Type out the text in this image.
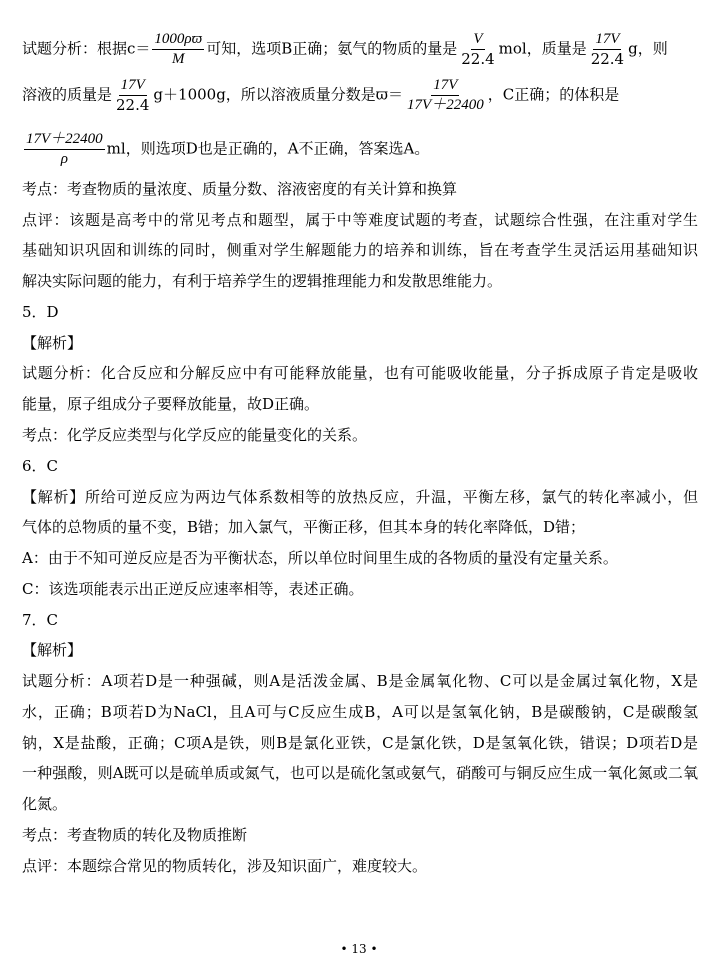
试题分析：根据$c= \frac{1000\rho ϖ}{M}$ 可知，选项B正确；氨气的物质的量是 $\frac{V}{22.4}$ mol，质量是 $\frac{17V}{22.4}$ g，则
溶液的质量是 $\frac{17V}{22.4} g+1000g$，所以溶液质量分数是$ϖ= \frac{17V}{17V+22400}$ ，C正确；的体积是
$\frac{17V+22400}{\rho}$ ml，则选项D也是正确的，A不正确，答案选A。
考点：考查物质的量浓度、质量分数、溶液密度的有关计算和换算
点评：该题是高考中的常见考点和题型，属于中等难度试题的考查，试题综合性强，在注重对学生
基础知识巩固和训练的同时，侧重对学生解题能力的培养和训练，旨在考查学生灵活运用基础知识
解决实际问题的能力，有利于培养学生的逻辑推理能力和发散思维能力。
5．D
【解析】
试题分析：化合反应和分解反应中有可能释放能量，也有可能吸收能量，分子拆成原子肯定是吸收
能量，原子组成分子要释放能量，故D正确。
考点：化学反应类型与化学反应的能量变化的关系。
6．C
【解析】所给可逆反应为两边气体系数相等的放热反应，升温，平衡左移，氯气的转化率减小，但
气体的总物质的量不变，B错；加入氯气，平衡正移，但其本身的转化率降低，D错；
A：由于不知可逆反应是否为平衡状态，所以单位时间里生成的各物质的量没有定量关系。
C：该选项能表示出正逆反应速率相等，表述正确。
7．C
【解析】
试题分析：A项若D是一种强碱，则A是活泼金属、B是金属氧化物、C可以是金属过氧化物，X是
水，正确；B项若D为NaCl，且A可与C反应生成B，A可以是氢氧化钠，B是碳酸钠，C是碳酸氢
钠，X是盐酸，正确；C项A是铁，则B是氯化亚铁，C是氯化铁，D是氢氧化铁，错误；D项若D是
一种强酸，则A既可以是硫单质或氮气，也可以是硫化氢或氨气，硝酸可与铜反应生成一氧化氮或二氧
化氮。
考点：考查物质的转化及物质推断
点评：本题综合常见的物质转化，涉及知识面广，难度较大。
• 13 •
